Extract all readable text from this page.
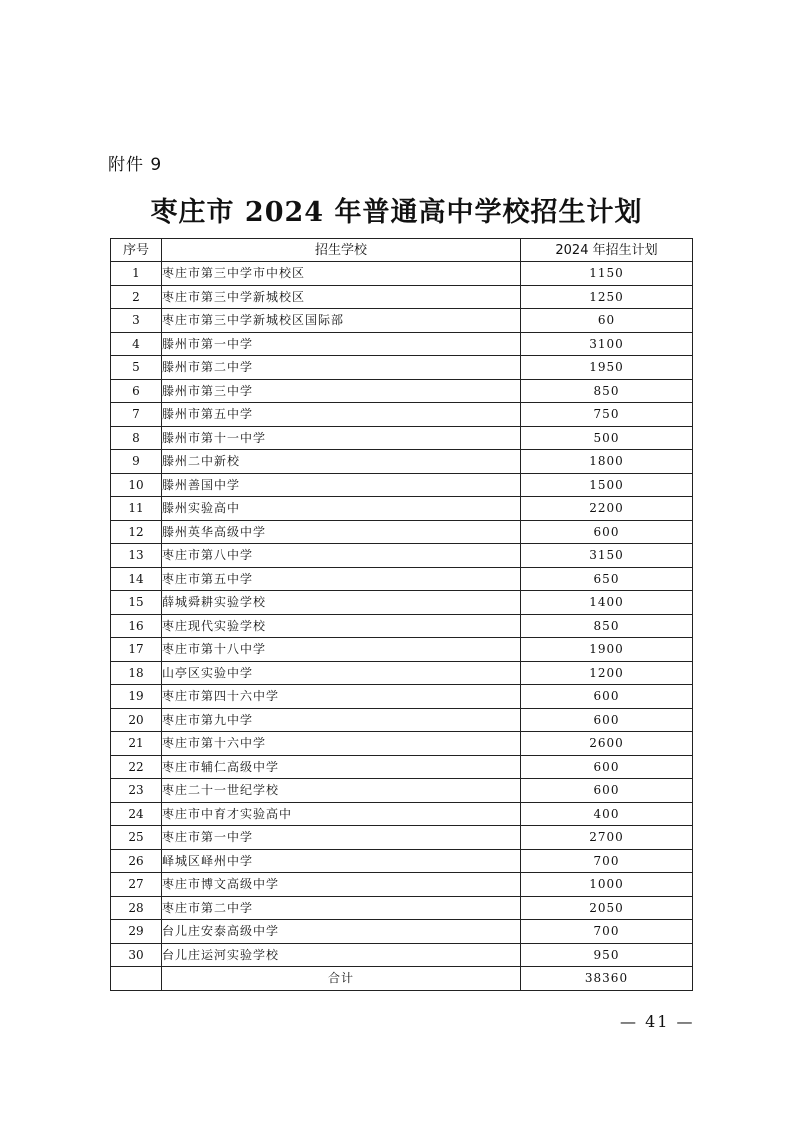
附件 9
枣庄市 2024 年普通高中学校招生计划
序号	招生学校	2024 年招生计划
1	枣庄市第三中学市中校区	1150
2	枣庄市第三中学新城校区	1250
3	枣庄市第三中学新城校区国际部	60
4	滕州市第一中学	3100
5	滕州市第二中学	1950
6	滕州市第三中学	850
7	滕州市第五中学	750
8	滕州市第十一中学	500
9	滕州二中新校	1800
10	滕州善国中学	1500
11	滕州实验高中	2200
12	滕州英华高级中学	600
13	枣庄市第八中学	3150
14	枣庄市第五中学	650
15	薛城舜耕实验学校	1400
16	枣庄现代实验学校	850
17	枣庄市第十八中学	1900
18	山亭区实验中学	1200
19	枣庄市第四十六中学	600
20	枣庄市第九中学	600
21	枣庄市第十六中学	2600
22	枣庄市辅仁高级中学	600
23	枣庄二十一世纪学校	600
24	枣庄市中育才实验高中	400
25	枣庄市第一中学	2700
26	峄城区峄州中学	700
27	枣庄市博文高级中学	1000
28	枣庄市第二中学	2050
29	台儿庄安泰高级中学	700
30	台儿庄运河实验学校	950
	合计	38360
— 41 —
